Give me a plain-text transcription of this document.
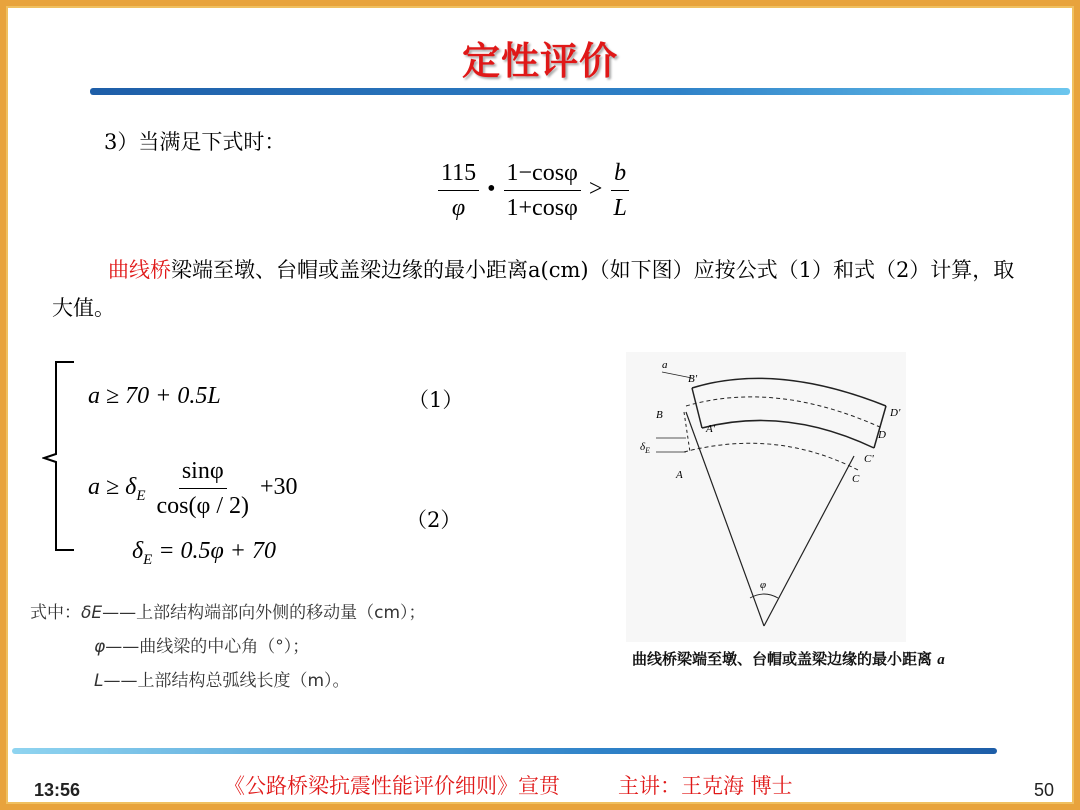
定性评价
3）当满足下式时：
$\frac{115}{\varphi}$ • $\frac{1-\cos\varphi}{1+\cos\varphi} > \frac{b}{L}$
曲线桥梁端至墩、台帽或盖梁边缘的最小距离a(cm)（如下图）应按公式（1）和式（2）计算，取大值。
a ≥ 70 + 0.5L	（1）
$a \ge \delta_E \frac{\sin\varphi}{\cos(\varphi / 2)} +30$
（2）
$\delta_E = 0.5\varphi + 70$
式中：δE——上部结构端部向外侧的移动量（cm）；
φ——曲线梁的中心角（°）；
L——上部结构总弧线长度（m）。
a
B'
B
A'
$\delta_E$
A
D'
D
C'
C
φ
曲线桥梁端至墩、台帽或盖梁边缘的最小距离 a
13:56	《公路桥梁抗震性能评价细则》宣贯	主讲：王克海 博士	50
